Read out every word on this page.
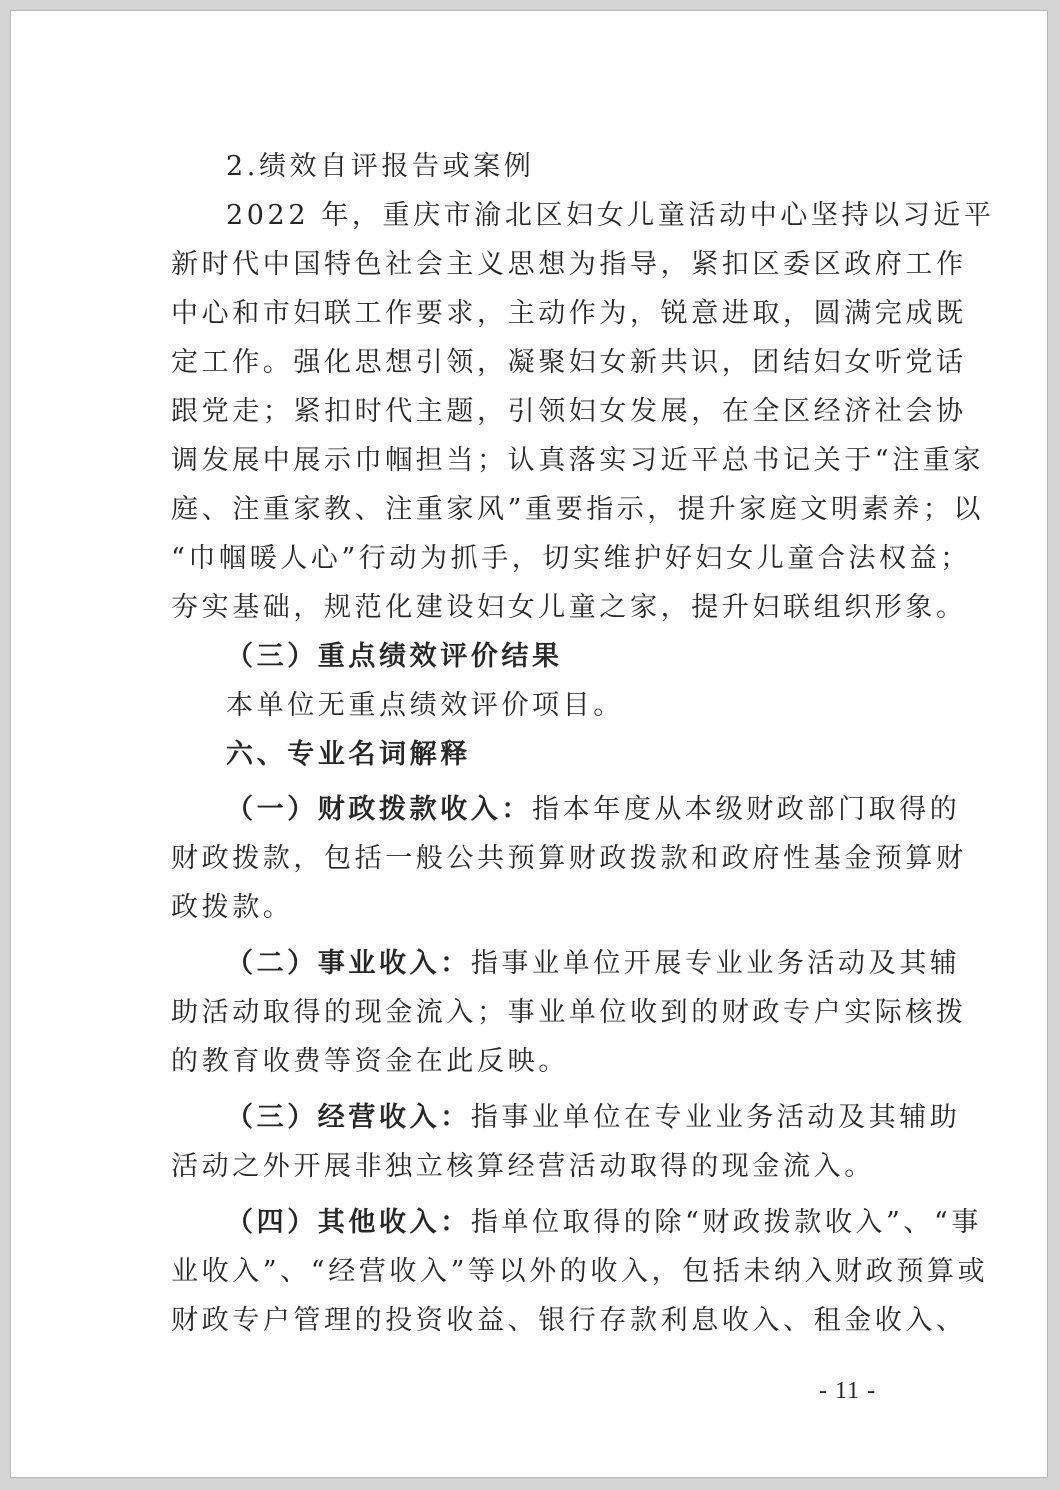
2.绩效自评报告或案例
2022 年，重庆市渝北区妇女儿童活动中心坚持以习近平
新时代中国特色社会主义思想为指导，紧扣区委区政府工作
中心和市妇联工作要求，主动作为，锐意进取，圆满完成既
定工作。强化思想引领，凝聚妇女新共识，团结妇女听党话
跟党走；紧扣时代主题，引领妇女发展，在全区经济社会协
调发展中展示巾帼担当；认真落实习近平总书记关于“注重家
庭、注重家教、注重家风”重要指示，提升家庭文明素养；以
“巾帼暖人心”行动为抓手，切实维护好妇女儿童合法权益；
夯实基础，规范化建设妇女儿童之家，提升妇联组织形象。
（三）重点绩效评价结果
本单位无重点绩效评价项目。
六、专业名词解释
（一）财政拨款收入：指本年度从本级财政部门取得的
财政拨款，包括一般公共预算财政拨款和政府性基金预算财
政拨款。
（二）事业收入：指事业单位开展专业业务活动及其辅
助活动取得的现金流入；事业单位收到的财政专户实际核拨
的教育收费等资金在此反映。
（三）经营收入：指事业单位在专业业务活动及其辅助
活动之外开展非独立核算经营活动取得的现金流入。
（四）其他收入：指单位取得的除“财政拨款收入”、“事
业收入”、“经营收入”等以外的收入，包括未纳入财政预算或
财政专户管理的投资收益、银行存款利息收入、租金收入、
- 11 -
